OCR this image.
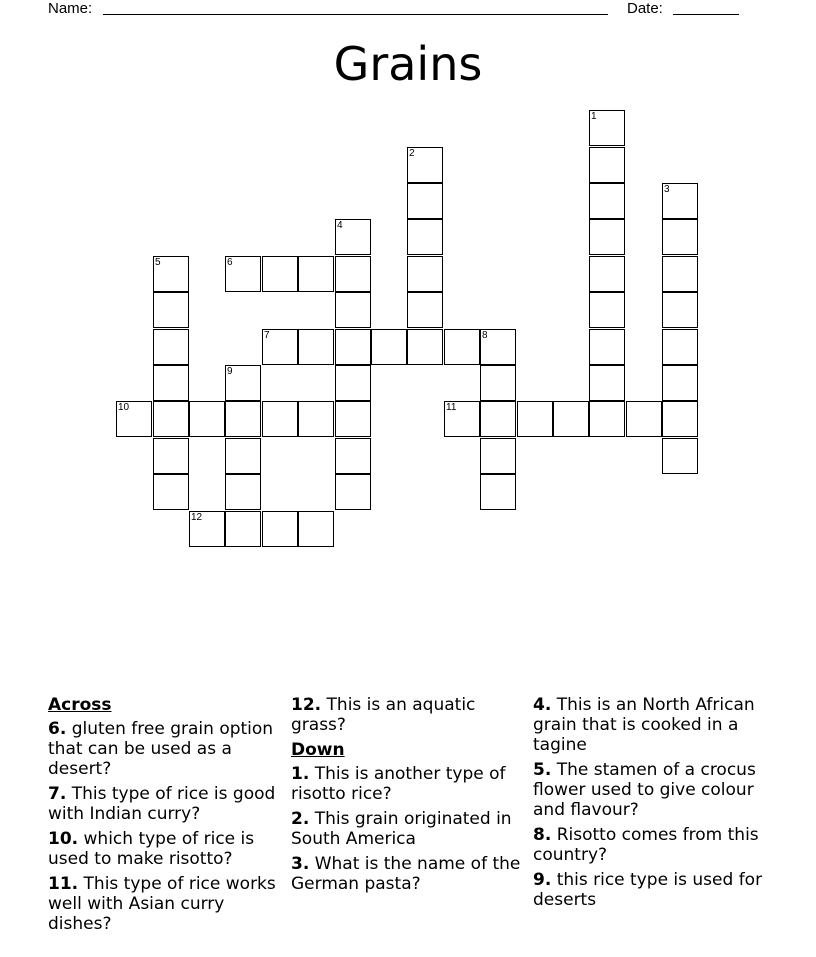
Name:	Date:
Grains
1
2
3
4
5	6
7	8
9
10	11
12
Across
6. gluten free grain option that can be used as a desert?
7. This type of rice is good with Indian curry?
10. which type of rice is used to make risotto?
11. This type of rice works well with Asian curry dishes?
12. This is an aquatic grass?
Down
1. This is another type of risotto rice?
2. This grain originated in South America
3. What is the name of the German pasta?
4. This is an North African grain that is cooked in a tagine
5. The stamen of a crocus flower used to give colour and flavour?
8. Risotto comes from this country?
9. this rice type is used for deserts
